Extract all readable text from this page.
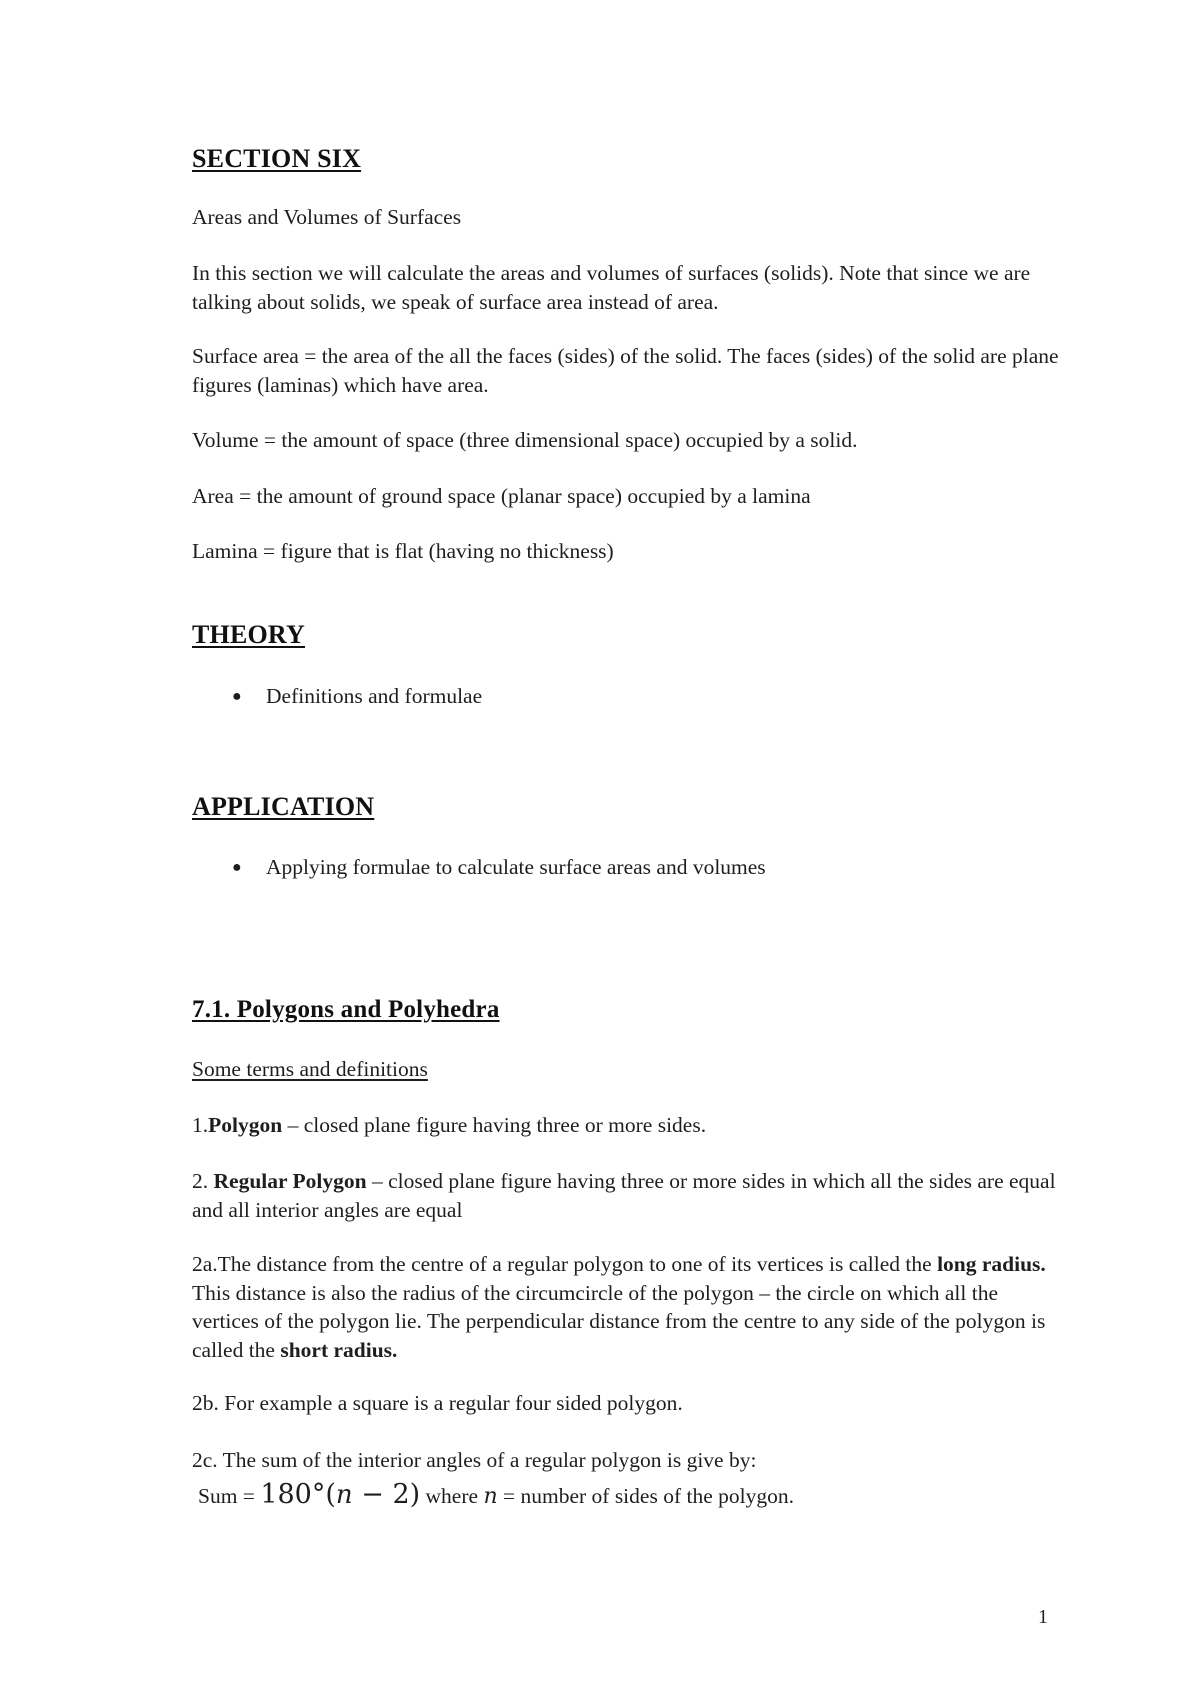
SECTION SIX

Areas and Volumes of Surfaces

In this section we will calculate the areas and volumes of surfaces (solids). Note that since we are talking about solids, we speak of surface area instead of area.

Surface area = the area of the all the faces (sides) of the solid. The faces (sides) of the solid are plane figures (laminas) which have area.

Volume = the amount of space (three dimensional space) occupied by a solid.

Area = the amount of ground space (planar space) occupied by a lamina

Lamina = figure that is flat (having no thickness)

THEORY

● Definitions and formulae

APPLICATION

● Applying formulae to calculate surface areas and volumes

7.1. Polygons and Polyhedra

Some terms and definitions

1.Polygon – closed plane figure having three or more sides.

2. Regular Polygon – closed plane figure having three or more sides in which all the sides are equal and all interior angles are equal

2a.The distance from the centre of a regular polygon to one of its vertices is called the long radius. This distance is also the radius of the circumcircle of the polygon – the circle on which all the vertices of the polygon lie. The perpendicular distance from the centre to any side of the polygon is called the short radius.

2b. For example a square is a regular four sided polygon.

2c. The sum of the interior angles of a regular polygon is give by:

Sum = 180°(n − 2) where n = number of sides of the polygon.

1
